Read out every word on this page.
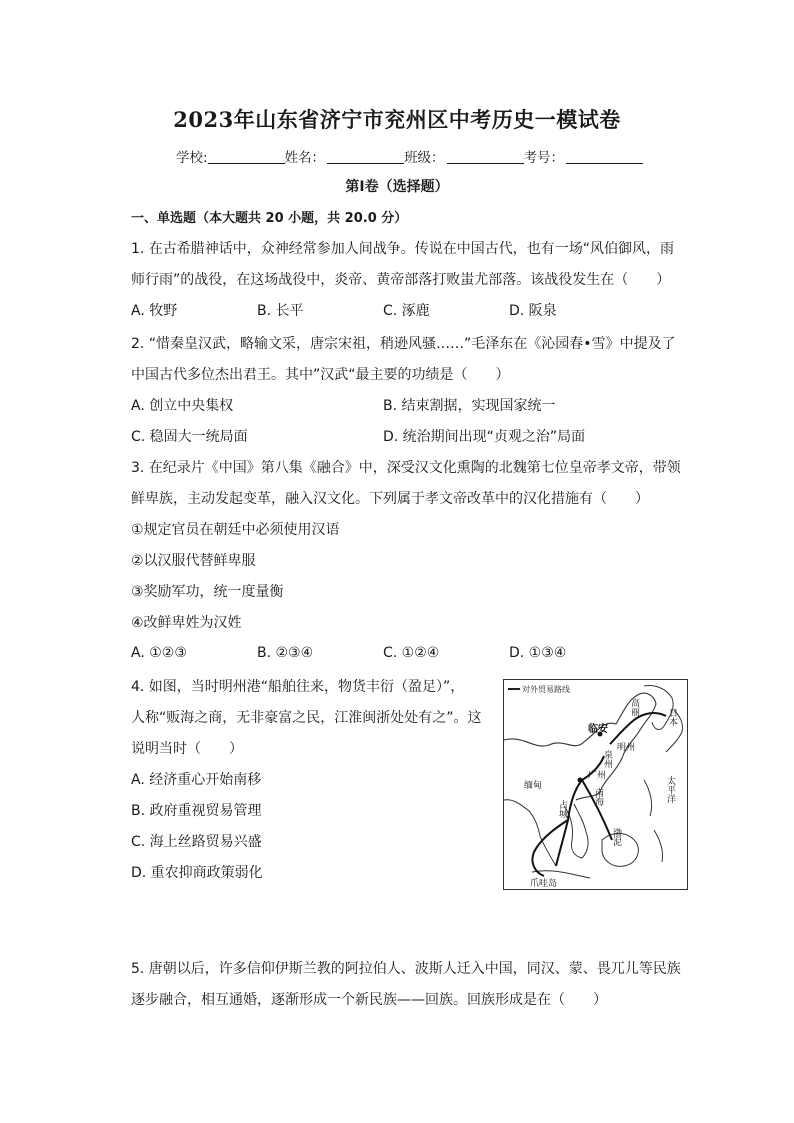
2023年山东省济宁市兖州区中考历史一模试卷
学校:	姓名：	班级：	考号：
第Ⅰ卷（选择题）
一、单选题（本大题共 20 小题，共 20.0 分）
1. 在古希腊神话中，众神经常参加人间战争。传说在中国古代，也有一场“风伯御风，雨
师行雨”的战役，在这场战役中，炎帝、黄帝部落打败蚩尤部落。该战役发生在（　　）
A. 牧野	B. 长平	C. 涿鹿	D. 阪泉
2. “惜秦皇汉武，略输文采，唐宗宋祖，稍逊风骚……”毛泽东在《沁园春•雪》中提及了
中国古代多位杰出君王。其中”汉武“最主要的功绩是（　　）
A. 创立中央集权	B. 结束割据，实现国家统一
C. 稳固大一统局面	D. 统治期间出现“贞观之治”局面
3. 在纪录片《中国》第八集《融合》中，深受汉文化熏陶的北魏第七位皇帝孝文帝，带领
鲜卑族，主动发起变革，融入汉文化。下列属于孝文帝改革中的汉化措施有（　　）
①规定官员在朝廷中必须使用汉语
②以汉服代替鲜卑服
③奖励军功，统一度量衡
④改鲜卑姓为汉姓
A. ①②③	B. ②③④	C. ①②④	D. ①③④
4. 如图，当时明州港“船舶往来，物货丰衍（盈足）”，
人称“贩海之商，无非豪富之民，江淮闽浙处处有之”。这
说明当时（　　）
A. 经济重心开始南移
B. 政府重视贸易管理
C. 海上丝路贸易兴盛
D. 重农抑商政策弱化
对外贸易路线
临安
泉州
明州
高丽
日本
广州
南海
渤泥
缅甸
占城
太平洋
爪哇岛
5. 唐朝以后，许多信仰伊斯兰教的阿拉伯人、波斯人迁入中国，同汉、蒙、畏兀儿等民族
逐步融合，相互通婚，逐渐形成一个新民族——回族。回族形成是在（　　）
